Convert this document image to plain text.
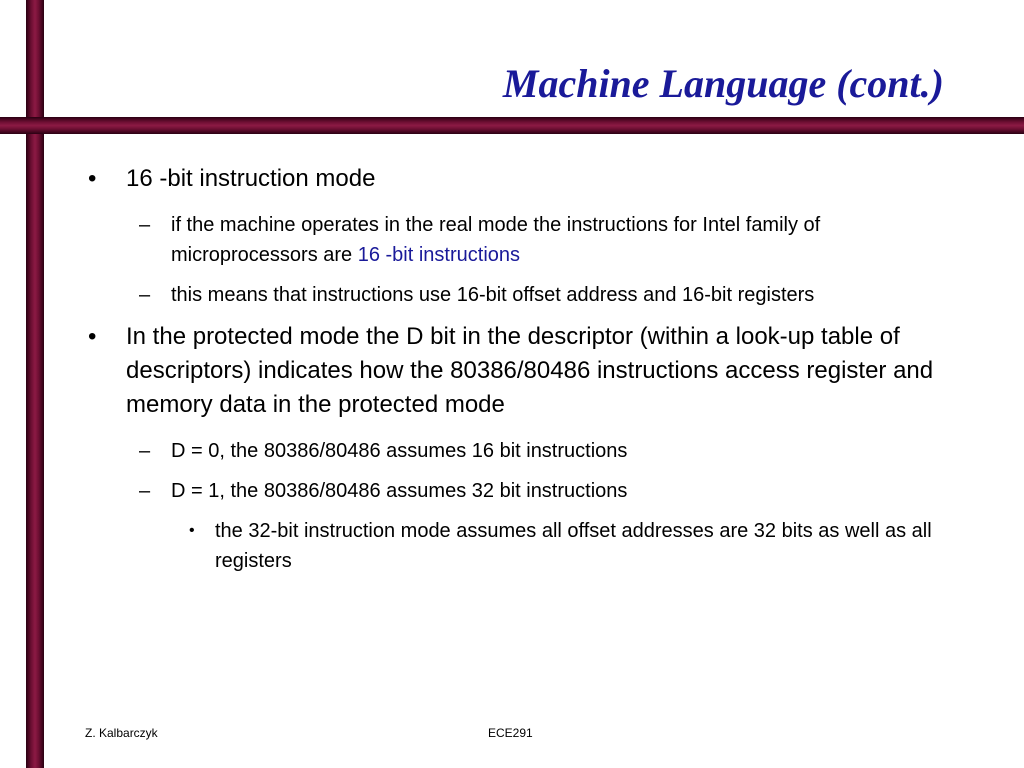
Machine Language (cont.)
•	16 -bit instruction mode
–	if the machine operates in the real mode the instructions for Intel family of microprocessors are 16 -bit instructions
–	this means that instructions use 16-bit offset address and 16-bit registers
•	In the protected mode the D bit in the descriptor (within a look-up table of descriptors) indicates how the 80386/80486 instructions access register and memory data in the protected mode
–	D = 0, the 80386/80486 assumes 16 bit instructions
–	D = 1, the 80386/80486 assumes 32 bit instructions
•	the 32-bit instruction mode assumes all offset addresses are 32 bits as well as all registers
Z. Kalbarczyk	ECE291
